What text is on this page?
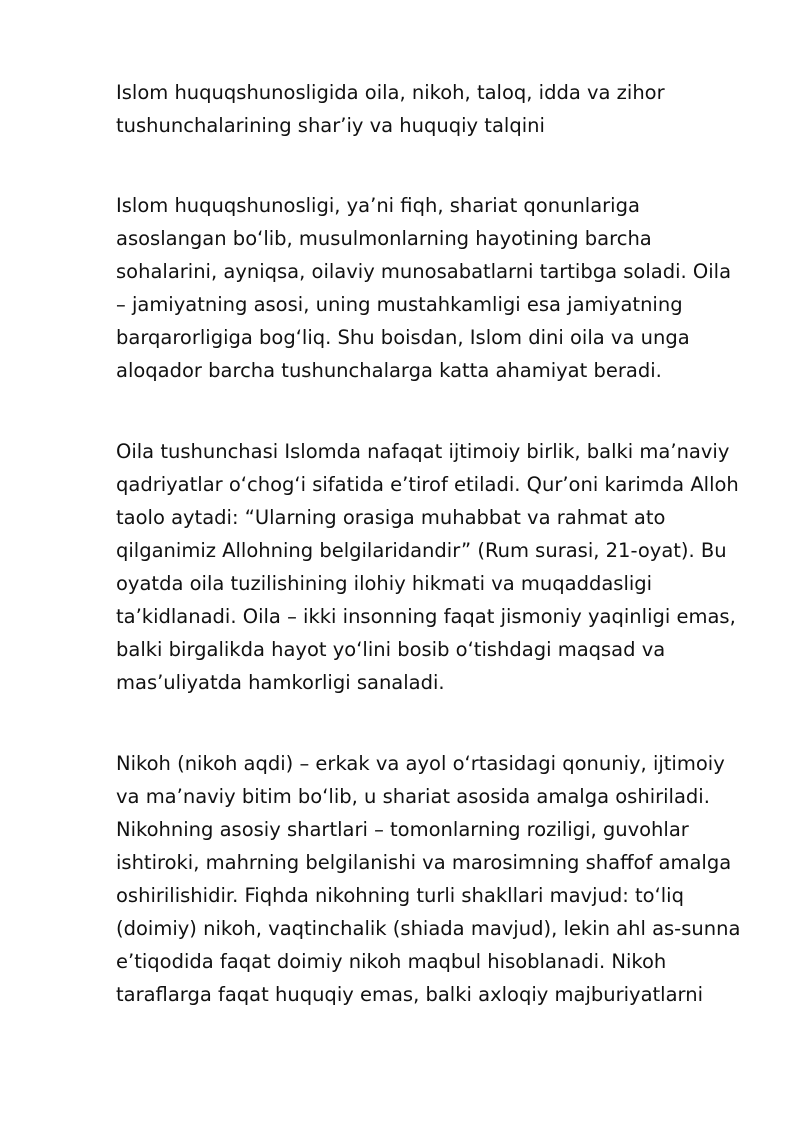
Islom huquqshunosligida oila, nikoh, taloq, idda va zihor tushunchalarining shar’iy va huquqiy talqini

Islom huquqshunosligi, ya’ni fiqh, shariat qonunlariga asoslangan bo‘lib, musulmonlarning hayotining barcha sohalarini, ayniqsa, oilaviy munosabatlarni tartibga soladi. Oila – jamiyatning asosi, uning mustahkamligi esa jamiyatning barqarorligiga bog‘liq. Shu boisdan, Islom dini oila va unga aloqador barcha tushunchalarga katta ahamiyat beradi.

Oila tushunchasi Islomda nafaqat ijtimoiy birlik, balki ma’naviy qadriyatlar o‘chog‘i sifatida e’tirof etiladi. Qur’oni karimda Alloh taolo aytadi: “Ularning orasiga muhabbat va rahmat ato qilganimiz Allohning belgilaridandir” (Rum surasi, 21-oyat). Bu oyatda oila tuzilishining ilohiy hikmati va muqaddasligi ta’kidlanadi. Oila – ikki insonning faqat jismoniy yaqinligi emas, balki birgalikda hayot yo‘lini bosib o‘tishdagi maqsad va mas’uliyatda hamkorligi sanaladi.

Nikoh (nikoh aqdi) – erkak va ayol o‘rtasidagi qonuniy, ijtimoiy va ma’naviy bitim bo‘lib, u shariat asosida amalga oshiriladi. Nikohning asosiy shartlari – tomonlarning roziligi, guvohlar ishtiroki, mahrning belgilanishi va marosimning shaffof amalga oshirilishidir. Fiqhda nikohning turli shakllari mavjud: to‘liq (doimiy) nikoh, vaqtinchalik (shiada mavjud), lekin ahl as-sunna e’tiqodida faqat doimiy nikoh maqbul hisoblanadi. Nikoh taraflarga faqat huquqiy emas, balki axloqiy majburiyatlarni
